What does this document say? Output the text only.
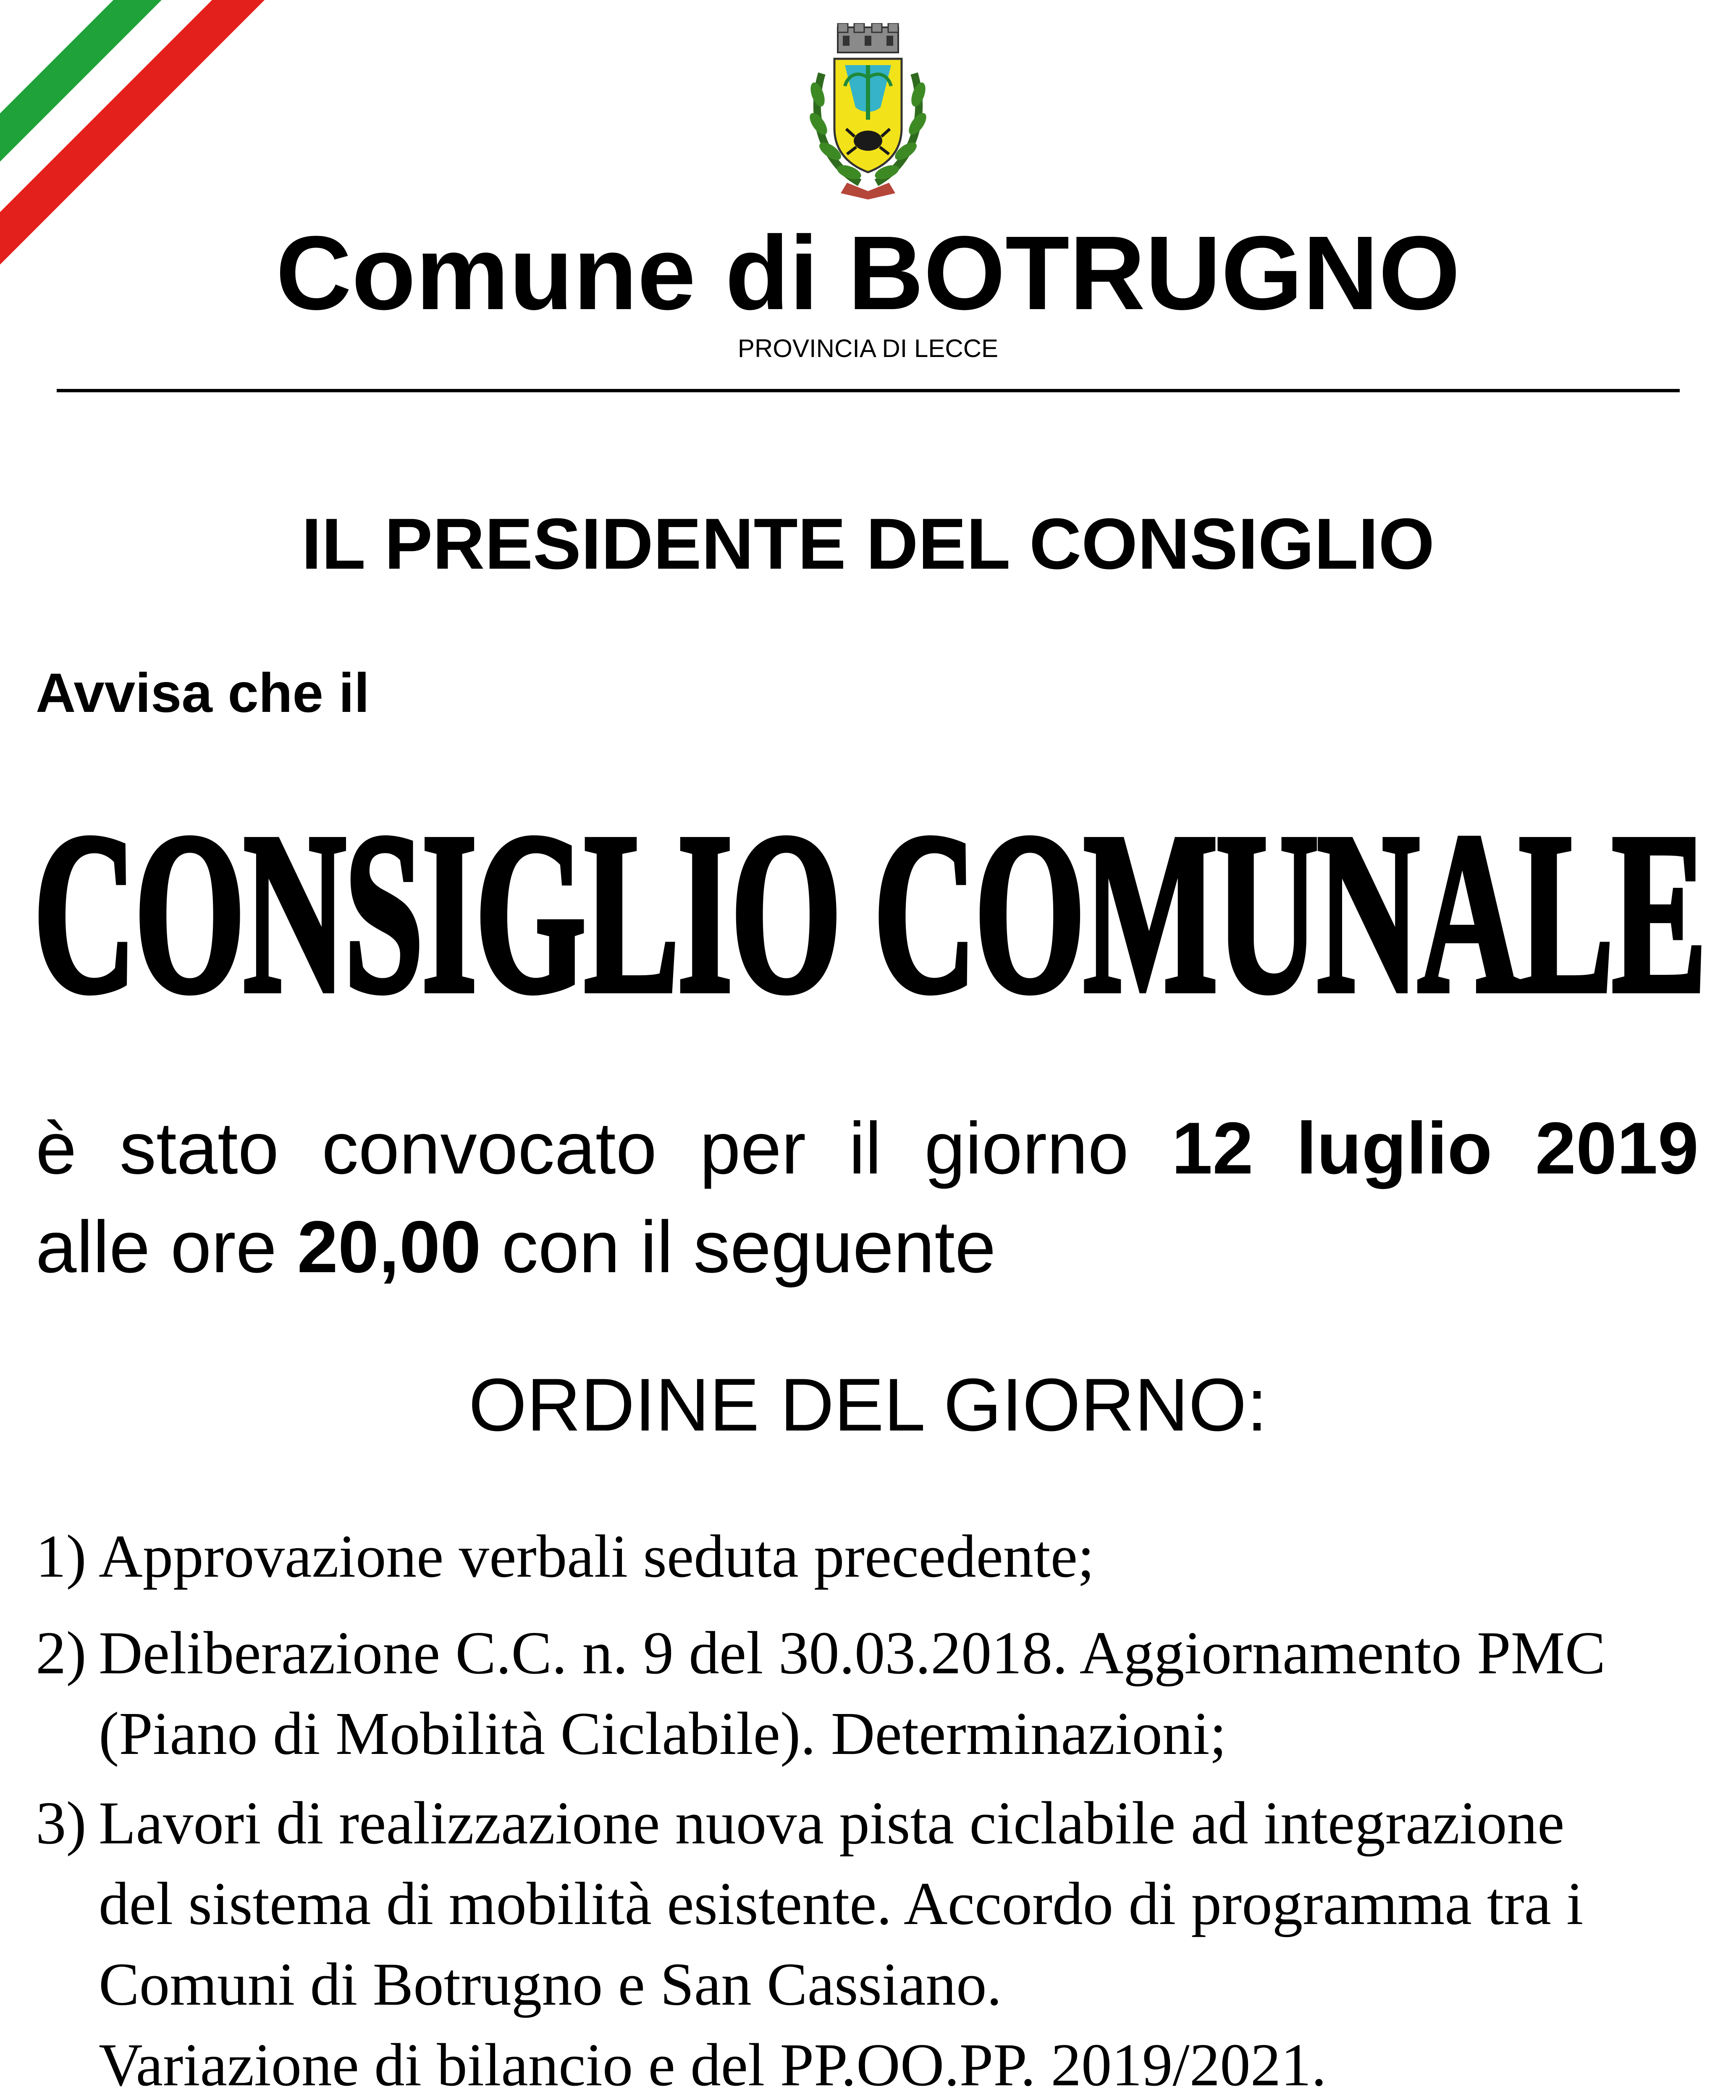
Comune di BOTRUGNO
PROVINCIA DI LECCE
IL PRESIDENTE DEL CONSIGLIO
Avvisa che il
CONSIGLIO COMUNALE
è stato convocato per il giorno 12 luglio 2019
alle ore 20,00 con il seguente
ORDINE DEL GIORNO:
1) Approvazione verbali seduta precedente;
2) Deliberazione C.C. n. 9 del 30.03.2018. Aggiornamento PMC
(Piano di Mobilità Ciclabile). Determinazioni;
3) Lavori di realizzazione nuova pista ciclabile ad integrazione
del sistema di mobilità esistente. Accordo di programma tra i
Comuni di Botrugno e San Cassiano.
Variazione di bilancio e del PP.OO.PP. 2019/2021.
